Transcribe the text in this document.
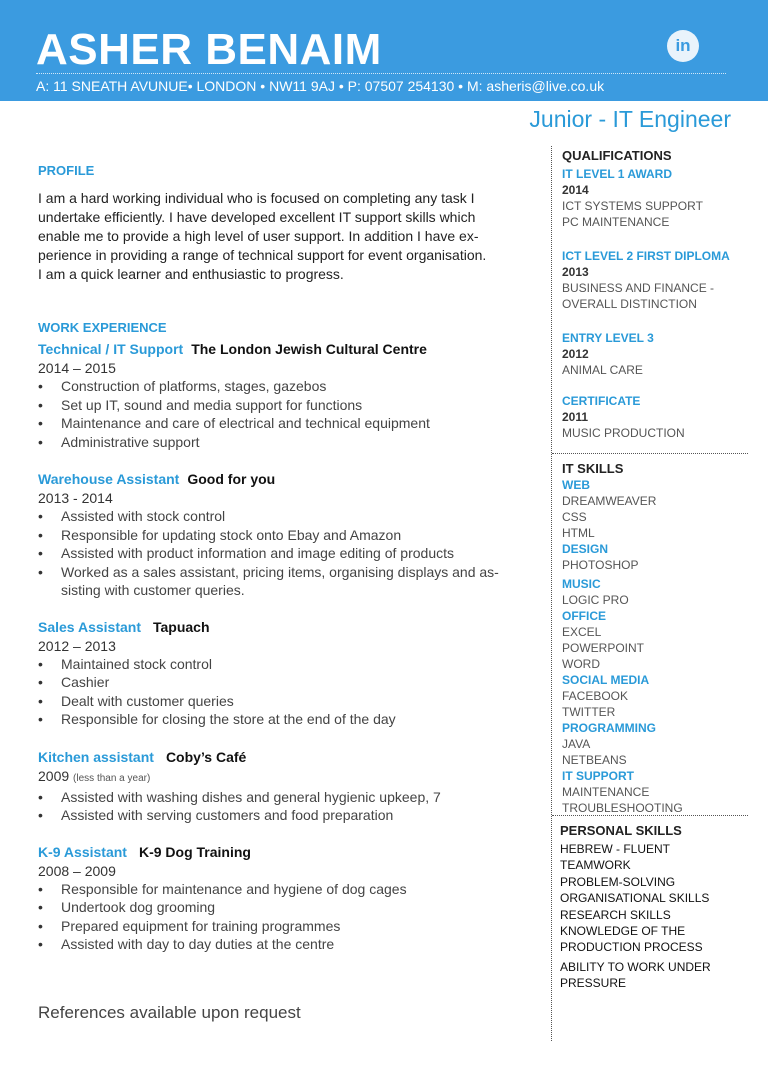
ASHER BENAIM	in
A: 11 SNEATH AVUNUE• LONDON • NW11 9AJ • P: 07507 254130 • M: asheris@live.co.uk
Junior - IT Engineer
PROFILE
I am a hard working individual who is focused on completing any task I
undertake efficiently. I have developed excellent IT support skills which
enable me to provide a high level of user support. In addition I have ex-
perience in providing a range of technical support for event organisation.
I am a quick learner and enthusiastic to progress.
WORK EXPERIENCE
Technical / IT Support The London Jewish Cultural Centre
2014 – 2015
• Construction of platforms, stages, gazebos
• Set up IT, sound and media support for functions
• Maintenance and care of electrical and technical equipment
• Administrative support
Warehouse Assistant Good for you
2013 - 2014
• Assisted with stock control
• Responsible for updating stock onto Ebay and Amazon
• Assisted with product information and image editing of products
• Worked as a sales assistant, pricing items, organising displays and as-
sisting with customer queries.
Sales Assistant Tapuach
2012 – 2013
• Maintained stock control
• Cashier
• Dealt with customer queries
• Responsible for closing the store at the end of the day
Kitchen assistant Coby’s Café
2009 (less than a year)
• Assisted with washing dishes and general hygienic upkeep, 7
• Assisted with serving customers and food preparation
K-9 Assistant K-9 Dog Training
2008 – 2009
• Responsible for maintenance and hygiene of dog cages
• Undertook dog grooming
• Prepared equipment for training programmes
• Assisted with day to day duties at the centre
References available upon request
QUALIFICATIONS
IT LEVEL 1 AWARD
2014
ICT SYSTEMS SUPPORT
PC MAINTENANCE
ICT LEVEL 2 FIRST DIPLOMA
2013
BUSINESS AND FINANCE -
OVERALL DISTINCTION
ENTRY LEVEL 3
2012
ANIMAL CARE
CERTIFICATE
2011
MUSIC PRODUCTION
IT SKILLS
WEB
DREAMWEAVER
CSS
HTML
DESIGN
PHOTOSHOP
MUSIC
LOGIC PRO
OFFICE
EXCEL
POWERPOINT
WORD
SOCIAL MEDIA
FACEBOOK
TWITTER
PROGRAMMING
JAVA
NETBEANS
IT SUPPORT
MAINTENANCE
TROUBLESHOOTING
PERSONAL SKILLS
HEBREW - FLUENT
TEAMWORK
PROBLEM-SOLVING
ORGANISATIONAL SKILLS
RESEARCH SKILLS
KNOWLEDGE OF THE
PRODUCTION PROCESS
ABILITY TO WORK UNDER
PRESSURE
